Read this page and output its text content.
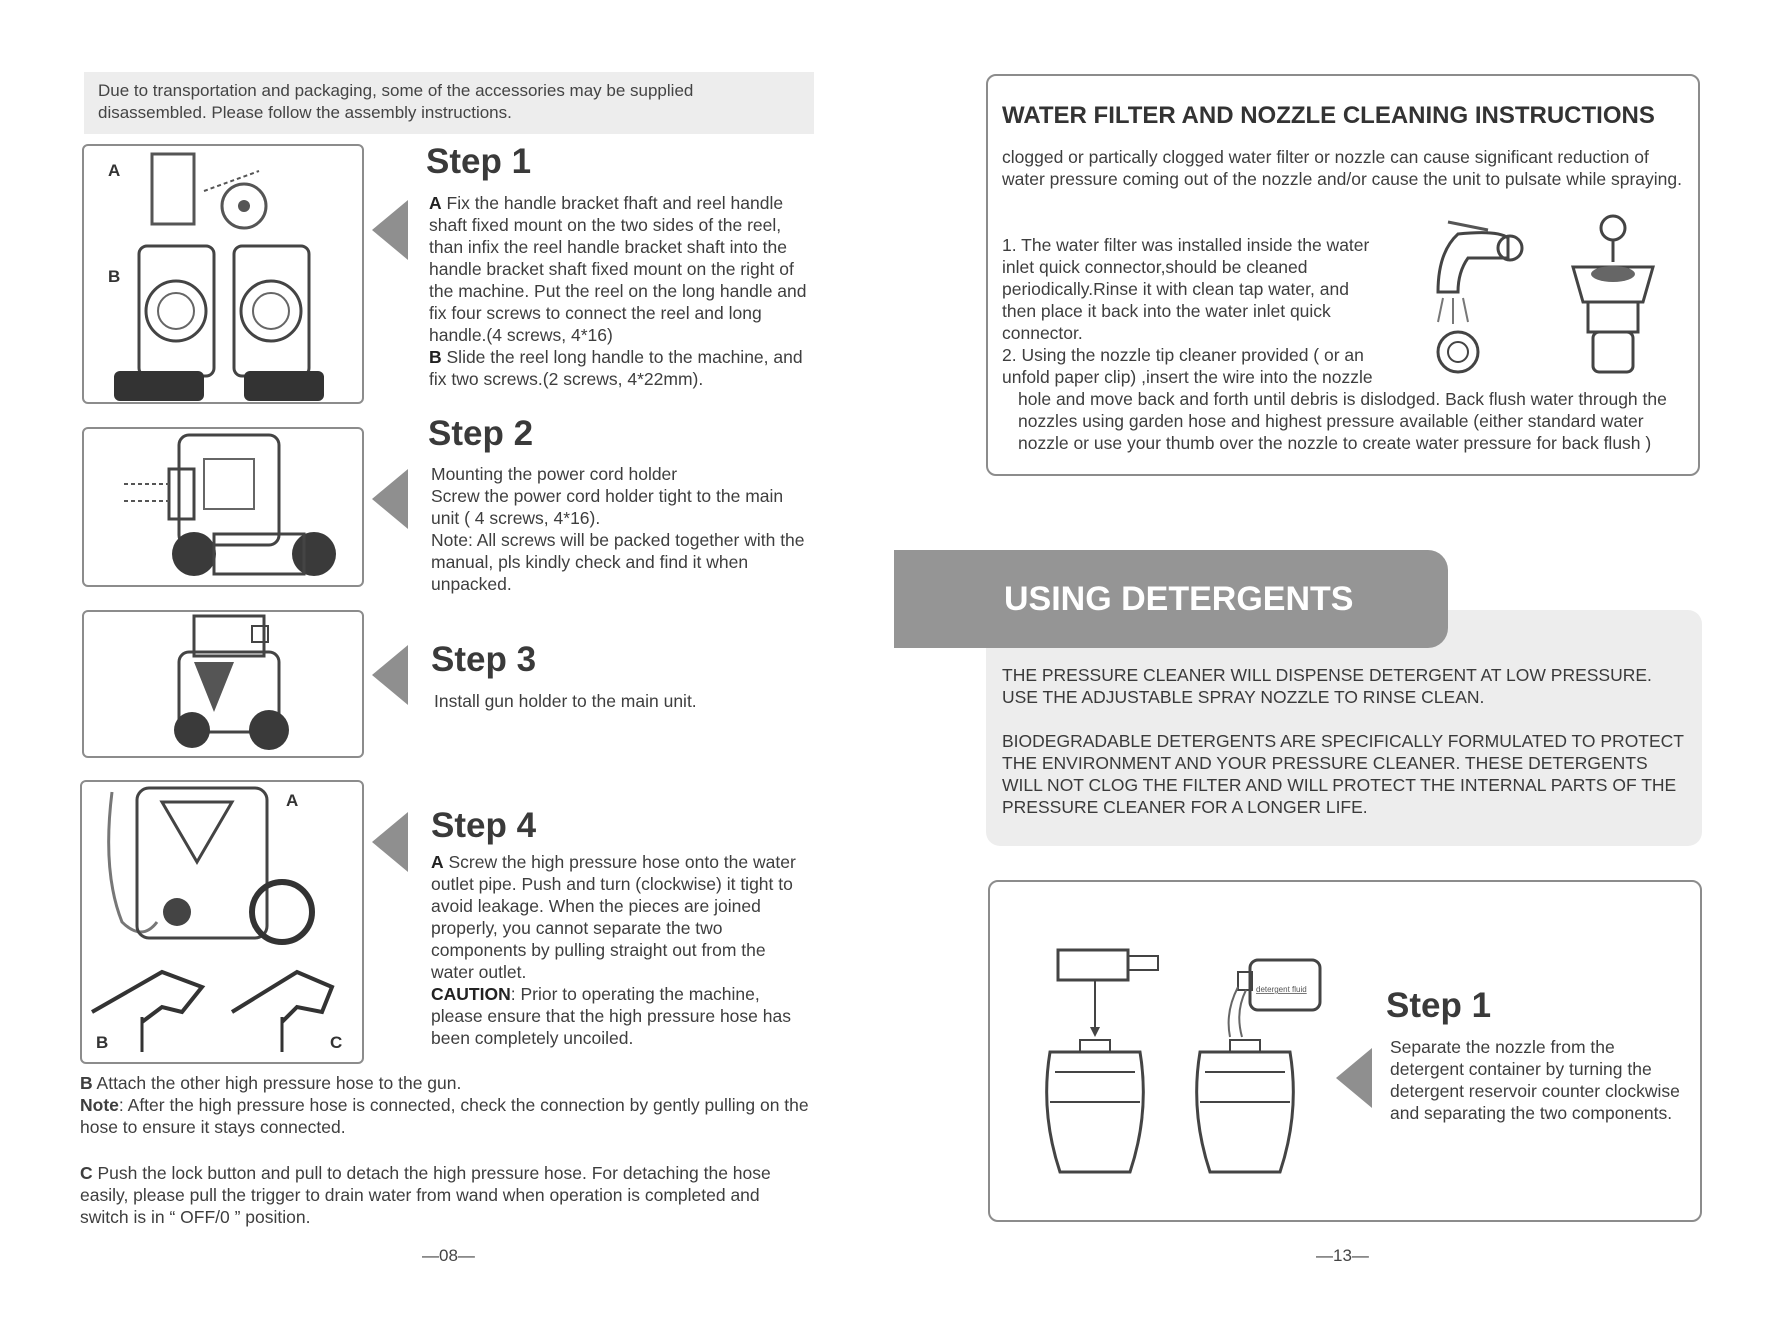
Due to transportation and packaging, some of the accessories may be supplied disassembled. Please follow the assembly instructions.
A
B
Step 1
A Fix the handle bracket fhaft and reel handle shaft fixed mount on the two sides of the reel, than infix the reel handle bracket shaft into the handle bracket shaft fixed mount on the right of the machine. Put the reel on the long handle and fix four screws to connect the reel and long handle.(4 screws, 4*16)
B Slide the reel long handle to the machine, and fix two screws.(2 screws, 4*22mm).
Step 2
Mounting the power cord holder
Screw the power cord holder tight to the main unit ( 4 screws, 4*16).
Note: All screws will be packed together with the manual, pls kindly check and find it when unpacked.
Step 3
Install gun holder to the main unit.
A
B	C
Step 4
A Screw the high pressure hose onto the water outlet pipe. Push and turn (clockwise) it tight to avoid leakage. When the pieces are joined properly, you cannot separate the two components by pulling straight out from the water outlet.
CAUTION: Prior to operating the machine, please ensure that the high pressure hose has been completely uncoiled.
B Attach the other high pressure hose to the gun.
Note: After the high pressure hose is connected, check the connection by gently pulling on the hose to ensure it stays connected.
C Push the lock button and pull to detach the high pressure hose. For detaching the hose easily, please pull the trigger to drain water from wand when operation is completed and switch is in “ OFF/0 ” position.
—08—
WATER FILTER AND NOZZLE CLEANING INSTRUCTIONS
clogged or partically clogged water filter or nozzle can cause significant reduction of water pressure coming out of the nozzle and/or cause the unit to pulsate while spraying.
1. The water filter was installed inside the water inlet quick connector,should be cleaned periodically.Rinse it with clean tap water, and then place it back into the water inlet quick connector.
2. Using the nozzle tip cleaner provided ( or an unfold paper clip) ,insert the wire into the nozzle
hole and move back and forth until debris is dislodged. Back flush water through the nozzles using garden hose and highest pressure available (either standard water nozzle or use your thumb over the nozzle to create water pressure for back flush )
USING DETERGENTS
THE PRESSURE CLEANER WILL DISPENSE DETERGENT AT LOW PRESSURE. USE THE ADJUSTABLE SPRAY NOZZLE TO RINSE CLEAN.
BIODEGRADABLE DETERGENTS ARE SPECIFICALLY FORMULATED TO PROTECT THE ENVIRONMENT AND YOUR PRESSURE CLEANER. THESE DETERGENTS WILL NOT CLOG THE FILTER AND WILL PROTECT THE INTERNAL PARTS OF THE PRESSURE CLEANER FOR A LONGER LIFE.
detergent fluid Step 1
Separate the nozzle from the detergent container by turning the detergent reservoir counter clockwise and separating the two components.
—13—
